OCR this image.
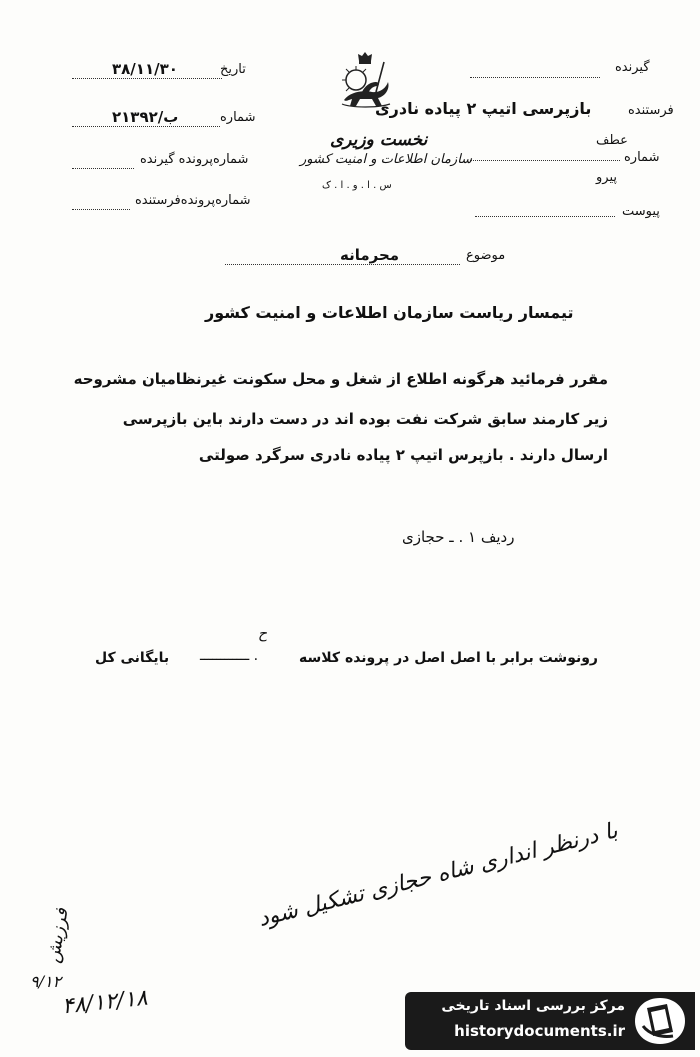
نخست وزیری
سازمان اطلاعات و امنیت کشور
س . ا . و . ا . ک
گیرنده
فرستنده
بازپرسی اتیپ ۲ پیاده نادری
عطف
شماره
پیرو
پیوست
تاریخ
۳۸/۱۱/۳۰
شماره
۲ب/۱۳۹۲
شماره‌پرونده گیرنده
شماره‌پرونده‌فرستنده
موضوع
محرمانه
تیمسار ریاست سازمان اطلاعات و امنیت کشور
مقرر فرمائید هرگونه اطلاع از شغل و محل سکونت غیرنظامیان مشروحه
زیر کارمند سابق شرکت نفت بوده اند در دست دارند باین بازپرسی
ارسال دارند . بازپرس اتیپ ۲ پیاده نادری سرگرد صولتی
ردیف ۱ . ـ حجازی
رونوشت برابر با اصل اصل در پرونده کلاسه
ــــــــــــ .
بایگانی کل
ح
با درنظر انداری شاه حجازی تشکیل شود
فرزیش
۹/۱۲
۴۸/۱۲/۱۸	مرکز بررسی اسناد تاریخی
historydocuments.ir
